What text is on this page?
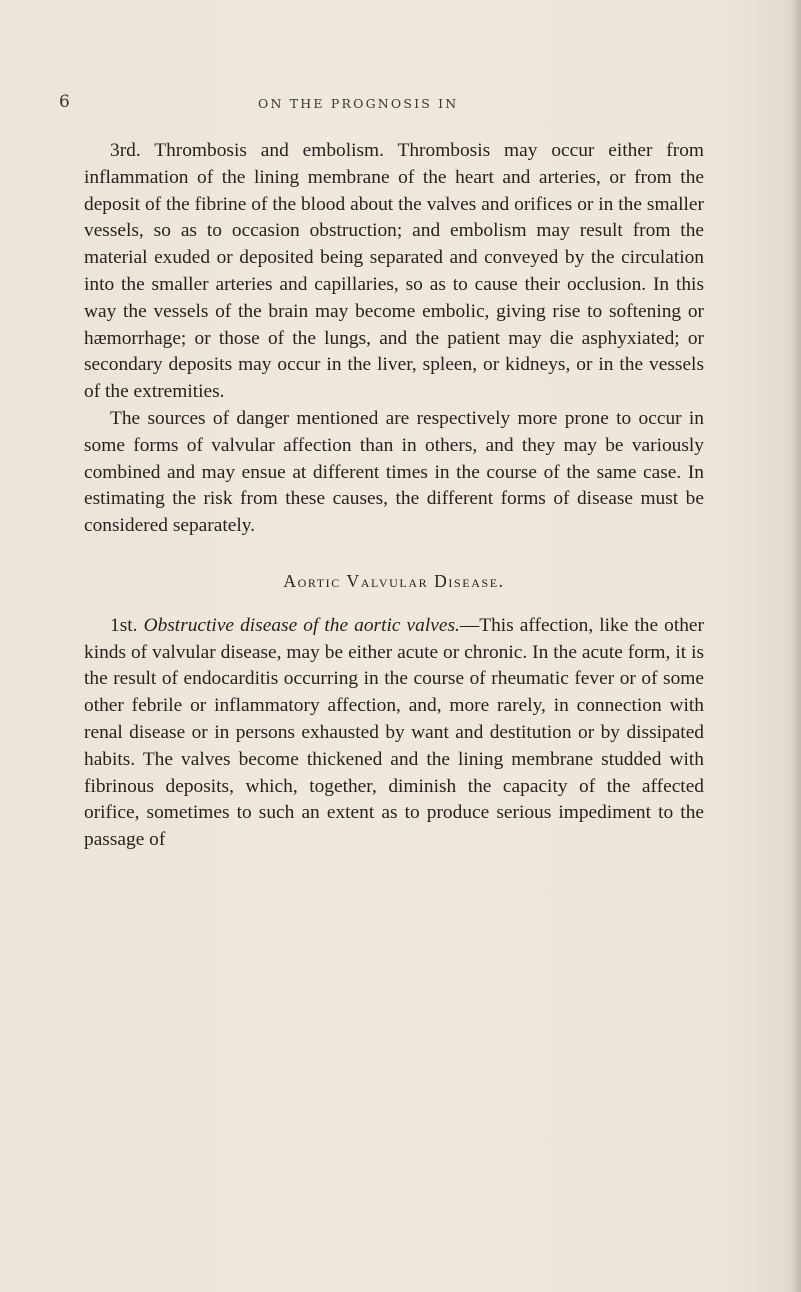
6	ON THE PROGNOSIS IN

3rd. Thrombosis and embolism. Thrombosis may occur either from inflammation of the lining membrane of the heart and arteries, or from the deposit of the fibrine of the blood about the valves and orifices or in the smaller vessels, so as to occasion obstruction; and embolism may result from the material exuded or deposited being separated and conveyed by the circulation into the smaller arteries and capillaries, so as to cause their occlusion. In this way the vessels of the brain may become embolic, giving rise to softening or hæmorrhage; or those of the lungs, and the patient may die asphyxiated; or secondary deposits may occur in the liver, spleen, or kidneys, or in the vessels of the extremities.

The sources of danger mentioned are respectively more prone to occur in some forms of valvular affection than in others, and they may be variously combined and may ensue at different times in the course of the same case. In estimating the risk from these causes, the different forms of disease must be considered separately.

Aortic Valvular Disease.

1st. Obstructive disease of the aortic valves.—This affection, like the other kinds of valvular disease, may be either acute or chronic. In the acute form, it is the result of endocarditis occurring in the course of rheumatic fever or of some other febrile or inflammatory affection, and, more rarely, in connection with renal disease or in persons exhausted by want and destitution or by dissipated habits. The valves become thickened and the lining membrane studded with fibrinous deposits, which, together, diminish the capacity of the affected orifice, sometimes to such an extent as to produce serious impediment to the passage of
